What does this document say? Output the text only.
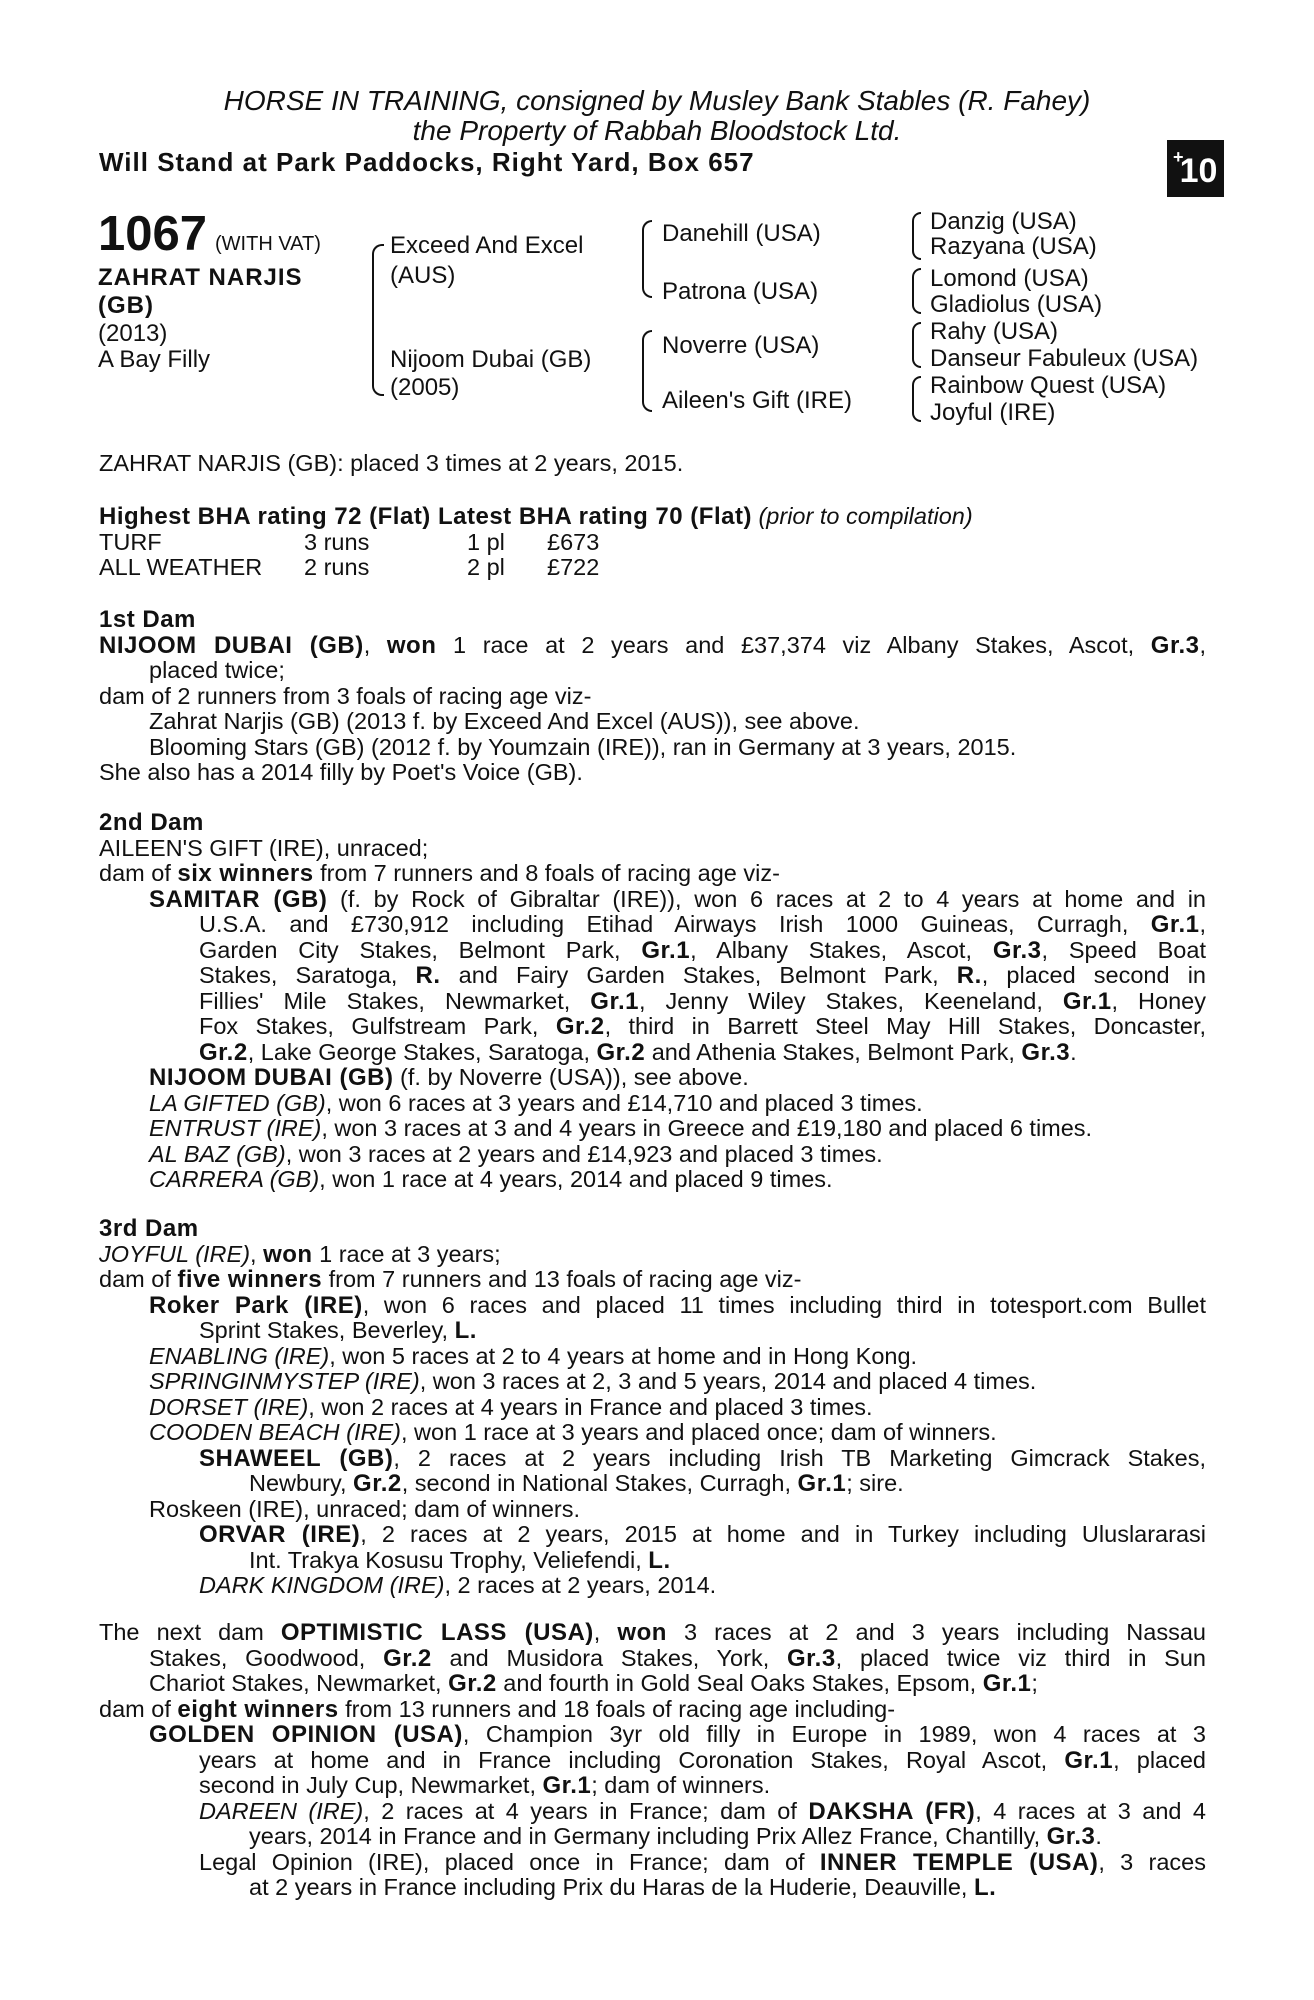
HORSE IN TRAINING, consigned by Musley Bank Stables (R. Fahey)
the Property of Rabbah Bloodstock Ltd.
Will Stand at Park Paddocks, Right Yard, Box 657	+
10
1067 (WITH VAT)
ZAHRAT NARJIS
(GB)
(2013)
A Bay Filly
Exceed And Excel
(AUS)
Nijoom Dubai (GB)
(2005)
Danehill (USA)
Patrona (USA)
Noverre (USA)
Aileen's Gift (IRE)
Danzig (USA)
Razyana (USA)
Lomond (USA)
Gladiolus (USA)
Rahy (USA)
Danseur Fabuleux (USA)
Rainbow Quest (USA)
Joyful (IRE)
ZAHRAT NARJIS (GB): placed 3 times at 2 years, 2015.
Highest BHA rating 72 (Flat) Latest BHA rating 70 (Flat) (prior to compilation)
TURF	3 runs	1 pl £673
ALL WEATHER 2 runs	2 pl £722
1st Dam
NIJOOM DUBAI (GB), won 1 race at 2 years and £37,374 viz Albany Stakes, Ascot, Gr.3,
placed twice;
dam of 2 runners from 3 foals of racing age viz-
Zahrat Narjis (GB) (2013 f. by Exceed And Excel (AUS)), see above.
Blooming Stars (GB) (2012 f. by Youmzain (IRE)), ran in Germany at 3 years, 2015.
She also has a 2014 filly by Poet's Voice (GB).
2nd Dam
AILEEN'S GIFT (IRE), unraced;
dam of six winners from 7 runners and 8 foals of racing age viz-
SAMITAR (GB) (f. by Rock of Gibraltar (IRE)), won 6 races at 2 to 4 years at home and in
U.S.A. and £730,912 including Etihad Airways Irish 1000 Guineas, Curragh, Gr.1,
Garden City Stakes, Belmont Park, Gr.1, Albany Stakes, Ascot, Gr.3, Speed Boat
Stakes, Saratoga, R. and Fairy Garden Stakes, Belmont Park, R., placed second in
Fillies' Mile Stakes, Newmarket, Gr.1, Jenny Wiley Stakes, Keeneland, Gr.1, Honey
Fox Stakes, Gulfstream Park, Gr.2, third in Barrett Steel May Hill Stakes, Doncaster,
Gr.2, Lake George Stakes, Saratoga, Gr.2 and Athenia Stakes, Belmont Park, Gr.3.
NIJOOM DUBAI (GB) (f. by Noverre (USA)), see above.
LA GIFTED (GB), won 6 races at 3 years and £14,710 and placed 3 times.
ENTRUST (IRE), won 3 races at 3 and 4 years in Greece and £19,180 and placed 6 times.
AL BAZ (GB), won 3 races at 2 years and £14,923 and placed 3 times.
CARRERA (GB), won 1 race at 4 years, 2014 and placed 9 times.
3rd Dam
JOYFUL (IRE), won 1 race at 3 years;
dam of five winners from 7 runners and 13 foals of racing age viz-
Roker Park (IRE), won 6 races and placed 11 times including third in totesport.com Bullet
Sprint Stakes, Beverley, L.
ENABLING (IRE), won 5 races at 2 to 4 years at home and in Hong Kong.
SPRINGINMYSTEP (IRE), won 3 races at 2, 3 and 5 years, 2014 and placed 4 times.
DORSET (IRE), won 2 races at 4 years in France and placed 3 times.
COODEN BEACH (IRE), won 1 race at 3 years and placed once; dam of winners.
SHAWEEL (GB), 2 races at 2 years including Irish TB Marketing Gimcrack Stakes,
Newbury, Gr.2, second in National Stakes, Curragh, Gr.1; sire.
Roskeen (IRE), unraced; dam of winners.
ORVAR (IRE), 2 races at 2 years, 2015 at home and in Turkey including Uluslararasi
Int. Trakya Kosusu Trophy, Veliefendi, L.
DARK KINGDOM (IRE), 2 races at 2 years, 2014.
The next dam OPTIMISTIC LASS (USA), won 3 races at 2 and 3 years including Nassau
Stakes, Goodwood, Gr.2 and Musidora Stakes, York, Gr.3, placed twice viz third in Sun
Chariot Stakes, Newmarket, Gr.2 and fourth in Gold Seal Oaks Stakes, Epsom, Gr.1;
dam of eight winners from 13 runners and 18 foals of racing age including-
GOLDEN OPINION (USA), Champion 3yr old filly in Europe in 1989, won 4 races at 3
years at home and in France including Coronation Stakes, Royal Ascot, Gr.1, placed
second in July Cup, Newmarket, Gr.1; dam of winners.
DAREEN (IRE), 2 races at 4 years in France; dam of DAKSHA (FR), 4 races at 3 and 4
years, 2014 in France and in Germany including Prix Allez France, Chantilly, Gr.3.
Legal Opinion (IRE), placed once in France; dam of INNER TEMPLE (USA), 3 races
at 2 years in France including Prix du Haras de la Huderie, Deauville, L.
